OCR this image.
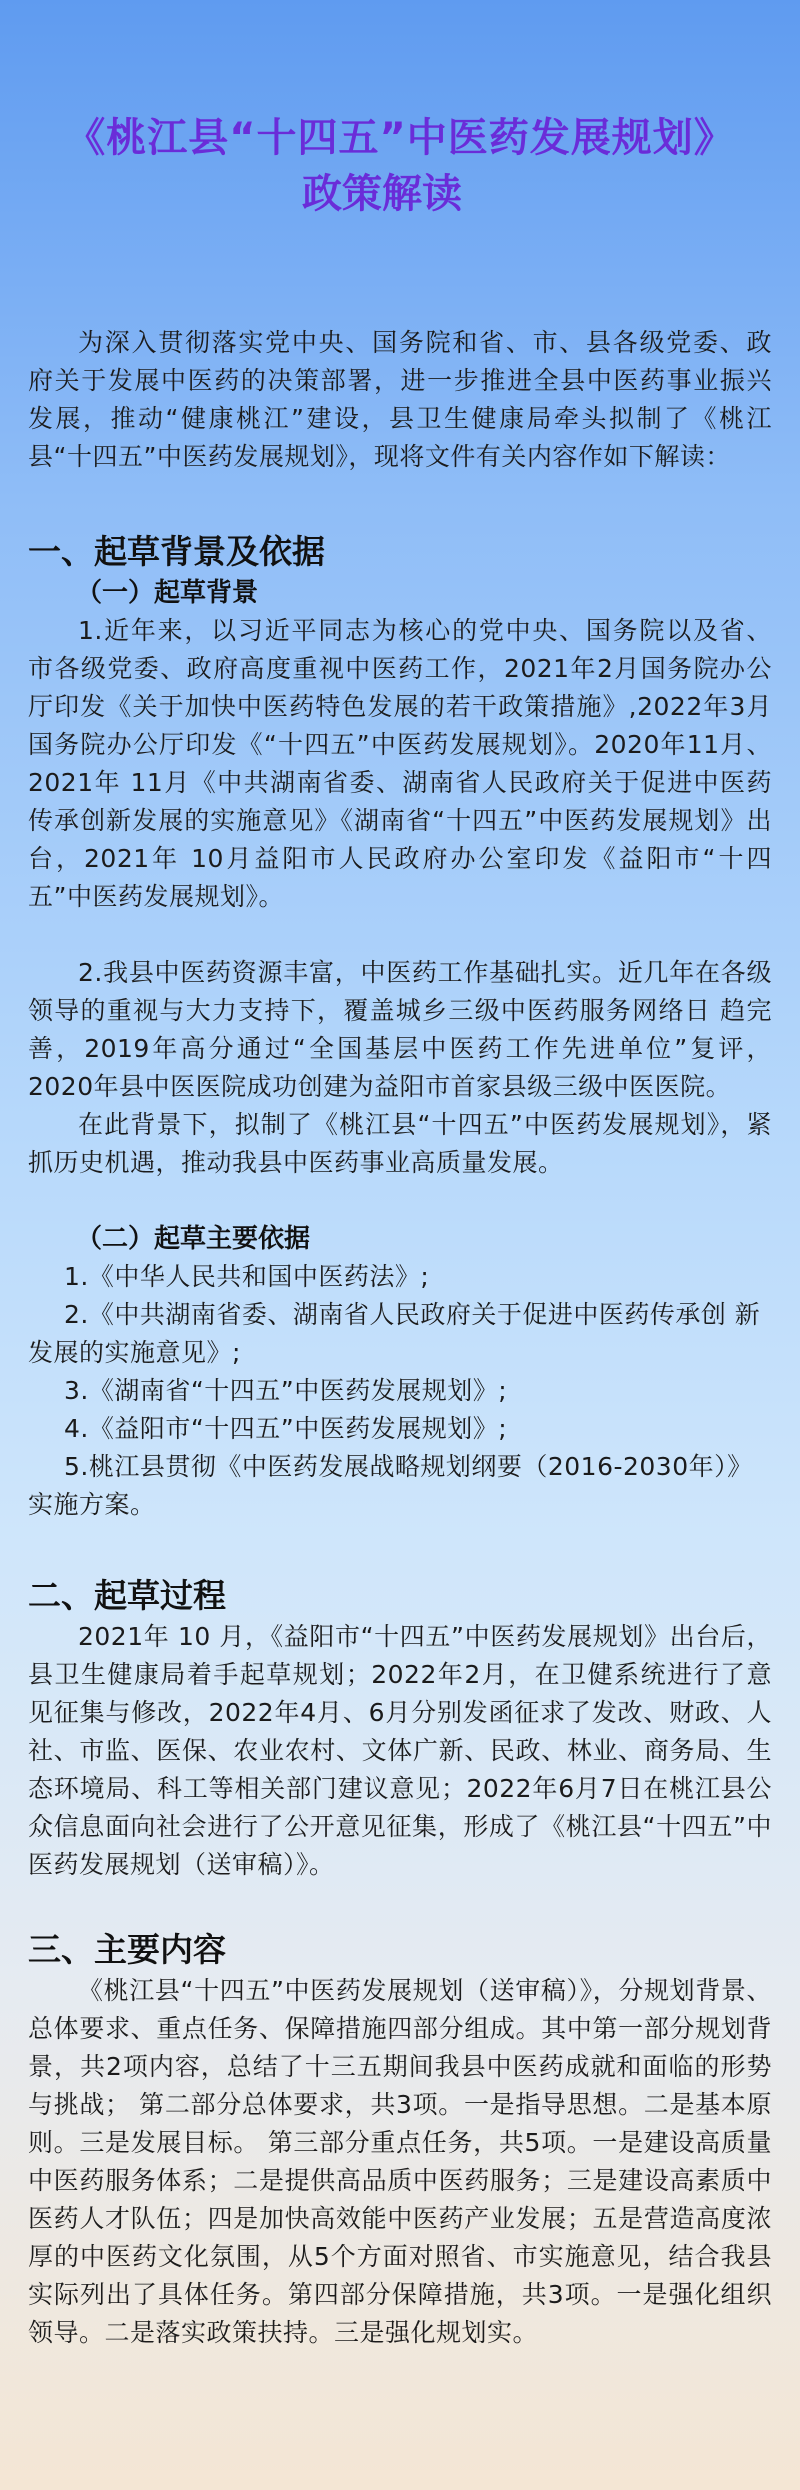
《桃江县“十四五”中医药发展规划》
政策解读

为深入贯彻落实党中央、国务院和省、市、县各级党委、政 府关于发展中医药的决策部署，进一步推进全县中医药事业振兴 发展，推动“健康桃江”建设，县卫生健康局牵头拟制了《桃江县“十四五”中医药发展规划》，现将文件有关内容作如下解读：

一、起草背景及依据
（一）起草背景

1.近年来，以习近平同志为核心的党中央、国务院以及省、 市各级党委、政府高度重视中医药工作，2021年2月国务院办公厅印发《关于加快中医药特色发展的若干政策措施》,2022年3月国务院办公厅印发《“十四五”中医药发展规划》。2020年11月、2021年 11月《中共湖南省委、湖南省人民政府关于促进中医药传承创新发展的实施意见》《湖南省“十四五”中医药发展规划》出台，2021年 10月益阳市人民政府办公室印发《益阳市“十四五”中医药发展规划》。

2.我县中医药资源丰富，中医药工作基础扎实。近几年在各级领导的重视与大力支持下，覆盖城乡三级中医药服务网络日 趋完善，2019年高分通过“全国基层中医药工作先进单位”复评， 2020年县中医医院成功创建为益阳市首家县级三级中医医院。

在此背景下，拟制了《桃江县“十四五”中医药发展规划》，紧抓历史机遇，推动我县中医药事业高质量发展。

（二）起草主要依据

1.《中华人民共和国中医药法》;

2.《中共湖南省委、湖南省人民政府关于促进中医药传承创 新发展的实施意见》;

3.《湖南省“十四五”中医药发展规划》;

4.《益阳市“十四五”中医药发展规划》;

5.桃江县贯彻《中医药发展战略规划纲要（2016-2030年）》 实施方案。

二、起草过程

2021年 10 月，《益阳市“十四五”中医药发展规划》出台后，县卫生健康局着手起草规划；2022年2月，在卫健系统进行了意见征集与修改，2022年4月、6月分别发函征求了发改、财政、人社、市监、医保、农业农村、文体广新、民政、林业、商务局、生态环境局、科工等相关部门建议意见；2022年6月7日在桃江县公众信息面向社会进行了公开意见征集，形成了《桃江县“十四五”中医药发展规划（送审稿）》。

三、主要内容

《桃江县“十四五”中医药发展规划（送审稿）》，分规划背景、总体要求、重点任务、保障措施四部分组成。其中第一部分规划背景，共2项内容，总结了十三五期间我县中医药成就和面临的形势与挑战； 第二部分总体要求，共3项。一是指导思想。二是基本原则。三是发展目标。 第三部分重点任务，共5项。一是建设高质量中医药服务体系；二是提供高品质中医药服务；三是建设高素质中医药人才队伍；四是加快高效能中医药产业发展；五是营造高度浓厚的中医药文化氛围，从5个方面对照省、市实施意见，结合我县实际列出了具体任务。第四部分保障措施，共3项。一是强化组织领导。二是落实政策扶持。三是强化规划实。
